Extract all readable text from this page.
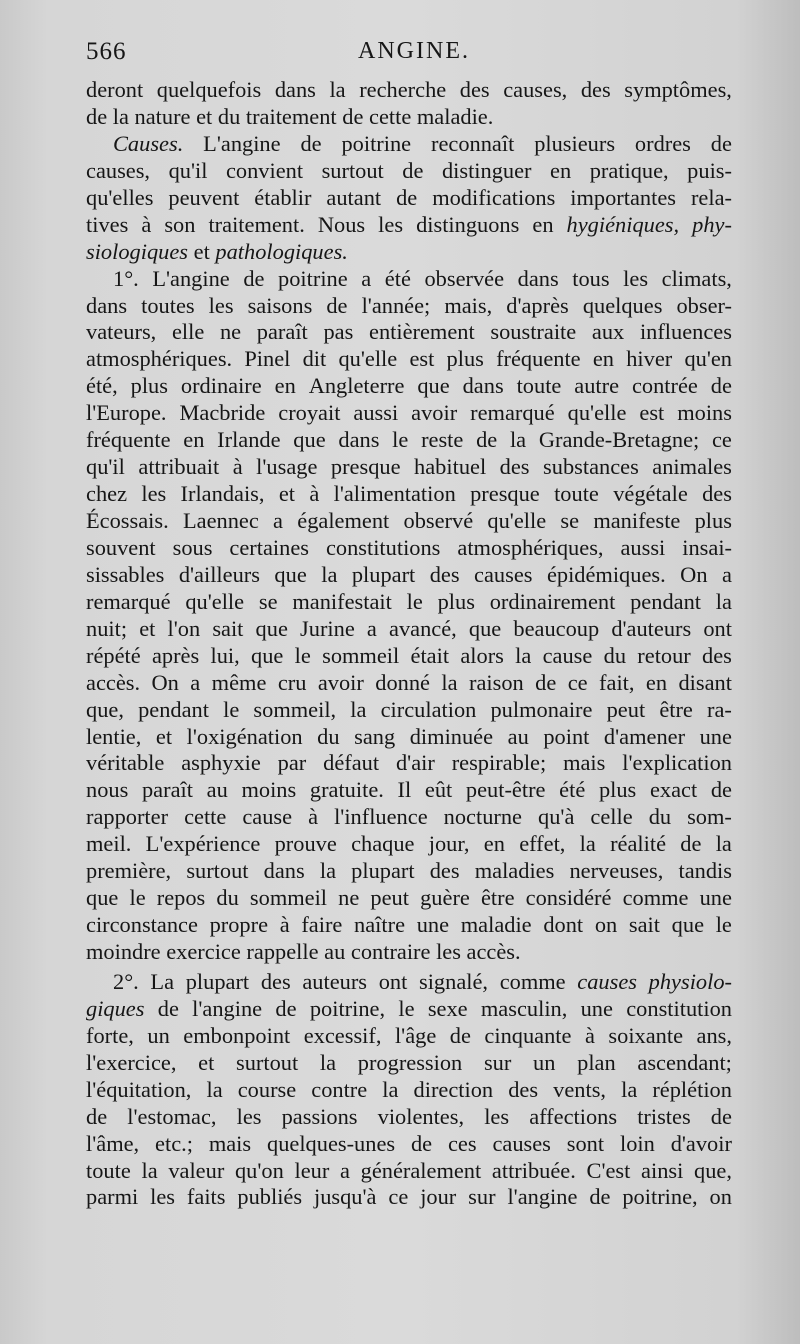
566	ANGINE.
deront quelquefois dans la recherche des causes, des symptômes,
de
la
nature
et
du
traitement
de
cette
maladie.
Causes. L'angine de poitrine reconnaît plusieurs ordres de
causes, qu'il convient surtout de distinguer en pratique, puis-
qu'elles peuvent établir autant de modifications importantes rela-
tives à son traitement. Nous les distinguons en hygiéniques, phy-
siologiques
et
pathologiques.
1°. L'angine de poitrine a été observée dans tous les climats,
dans toutes les saisons de l'année; mais, d'après quelques obser-
vateurs, elle ne paraît pas entièrement soustraite aux influences
atmosphériques. Pinel dit qu'elle est plus fréquente en hiver qu'en
été, plus ordinaire en Angleterre que dans toute autre contrée de
l'Europe. Macbride croyait aussi avoir remarqué qu'elle est moins
fréquente en Irlande que dans le reste de la Grande-Bretagne; ce
qu'il attribuait à l'usage presque habituel des substances animales
chez les Irlandais, et à l'alimentation presque toute végétale des
Écossais. Laennec a également observé qu'elle se manifeste plus
souvent sous certaines constitutions atmosphériques, aussi insai-
sissables d'ailleurs que la plupart des causes épidémiques. On a
remarqué qu'elle se manifestait le plus ordinairement pendant la
nuit; et l'on sait que Jurine a avancé, que beaucoup d'auteurs ont
répété après lui, que le sommeil était alors la cause du retour des
accès. On a même cru avoir donné la raison de ce fait, en disant
que, pendant le sommeil, la circulation pulmonaire peut être ra-
lentie, et l'oxigénation du sang diminuée au point d'amener une
véritable asphyxie par défaut d'air respirable; mais l'explication
nous paraît au moins gratuite. Il eût peut-être été plus exact de
rapporter cette cause à l'influence nocturne qu'à celle du som-
meil. L'expérience prouve chaque jour, en effet, la réalité de la
première, surtout dans la plupart des maladies nerveuses, tandis
que le repos du sommeil ne peut guère être considéré comme une
circonstance propre à faire naître une maladie dont on sait que le
moindre
exercice
rappelle
au
contraire
les
accès.
2°. La plupart des auteurs ont signalé, comme causes physiolo-
giques de l'angine de poitrine, le sexe masculin, une constitution
forte, un embonpoint excessif, l'âge de cinquante à soixante ans,
l'exercice, et surtout la progression sur un plan ascendant;
l'équitation, la course contre la direction des vents, la réplétion
de l'estomac, les passions violentes, les affections tristes de
l'âme, etc.; mais quelques-unes de ces causes sont loin d'avoir
toute la valeur qu'on leur a généralement attribuée. C'est ainsi que,
parmi les faits publiés jusqu'à ce jour sur l'angine de poitrine, on
